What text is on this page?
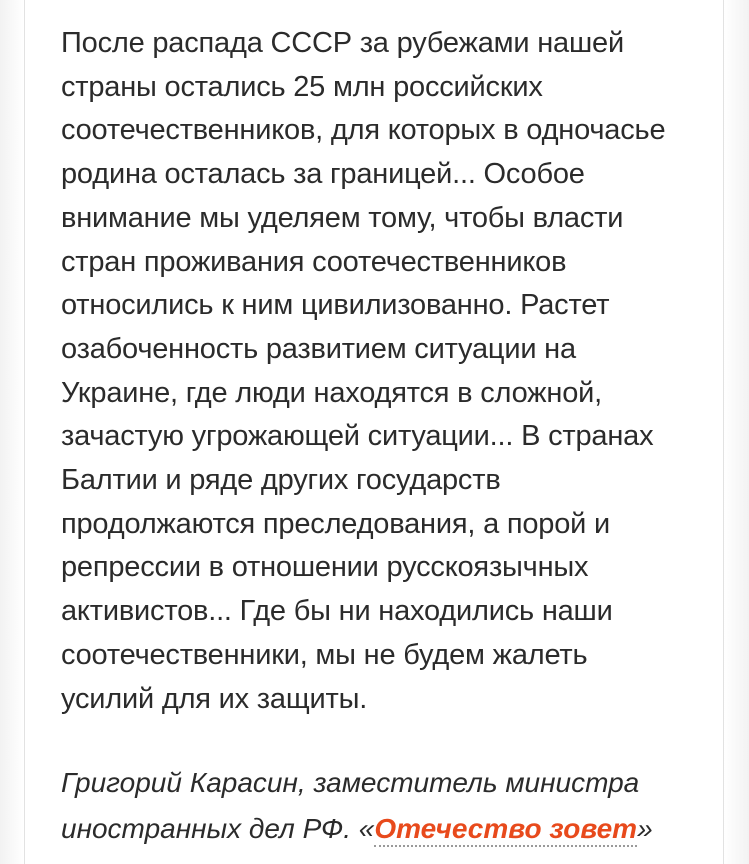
После распада СССР за рубежами нашей
страны остались 25 млн российских
соотечественников, для которых в одночасье
родина осталась за границей... Особое
внимание мы уделяем тому, чтобы власти
стран проживания соотечественников
относились к ним цивилизованно. Растет
озабоченность развитием ситуации на
Украине, где люди находятся в сложной,
зачастую угрожающей ситуации... В странах
Балтии и ряде других государств
продолжаются преследования, а порой и
репрессии в отношении русскоязычных
активистов... Где бы ни находились наши
соотечественники, мы не будем жалеть
усилий для их защиты.
Григорий Карасин, заместитель министра
иностранных дел РФ. «Отечество зовет»
